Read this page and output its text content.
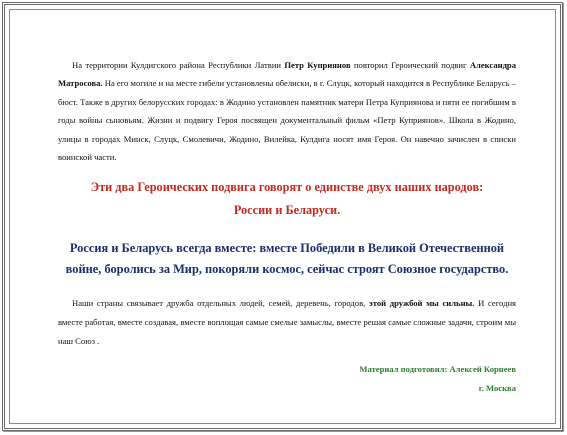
На территории Кулдигского района Республики Латвии Петр Куприянов повторил Героический подвиг Александра Матросова. На его могиле и на месте гибели установлены обелиски, в г. Слуцк, который находится в Республике Беларусь – бюст. Также в других белорусских городах: в Жодино установлен памятник матери Петра Куприянова и пяти ее погибшим в годы войны сыновьям. Жизни и подвигу Героя посвящен документальный фильм «Петр Куприянов». Школа в Жодино, улицы в городах Минск, Слуцк, Смолевичи, Жодино, Вилейка, Кулдига носят имя Героя. Он навечно зачислен в списки воинской части.

Эти два Героических подвига говорят о единстве двух наших народов:
России и Беларуси.
Россия и Беларусь всегда вместе: вместе Победили в Великой Отечественной
войне, боролись за Мир, покоряли космос, сейчас строят Союзное государство.

Наши страны связывает дружба отдельных людей, семей, деревень, городов, этой дружбой мы сильны. И сегодня вместе работая, вместе создавая, вместе воплощая самые смелые замыслы, вместе решая самые сложные задачи, строим мы наш Союз .

Материал подготовил: Алексей Корнеев
г. Москва
